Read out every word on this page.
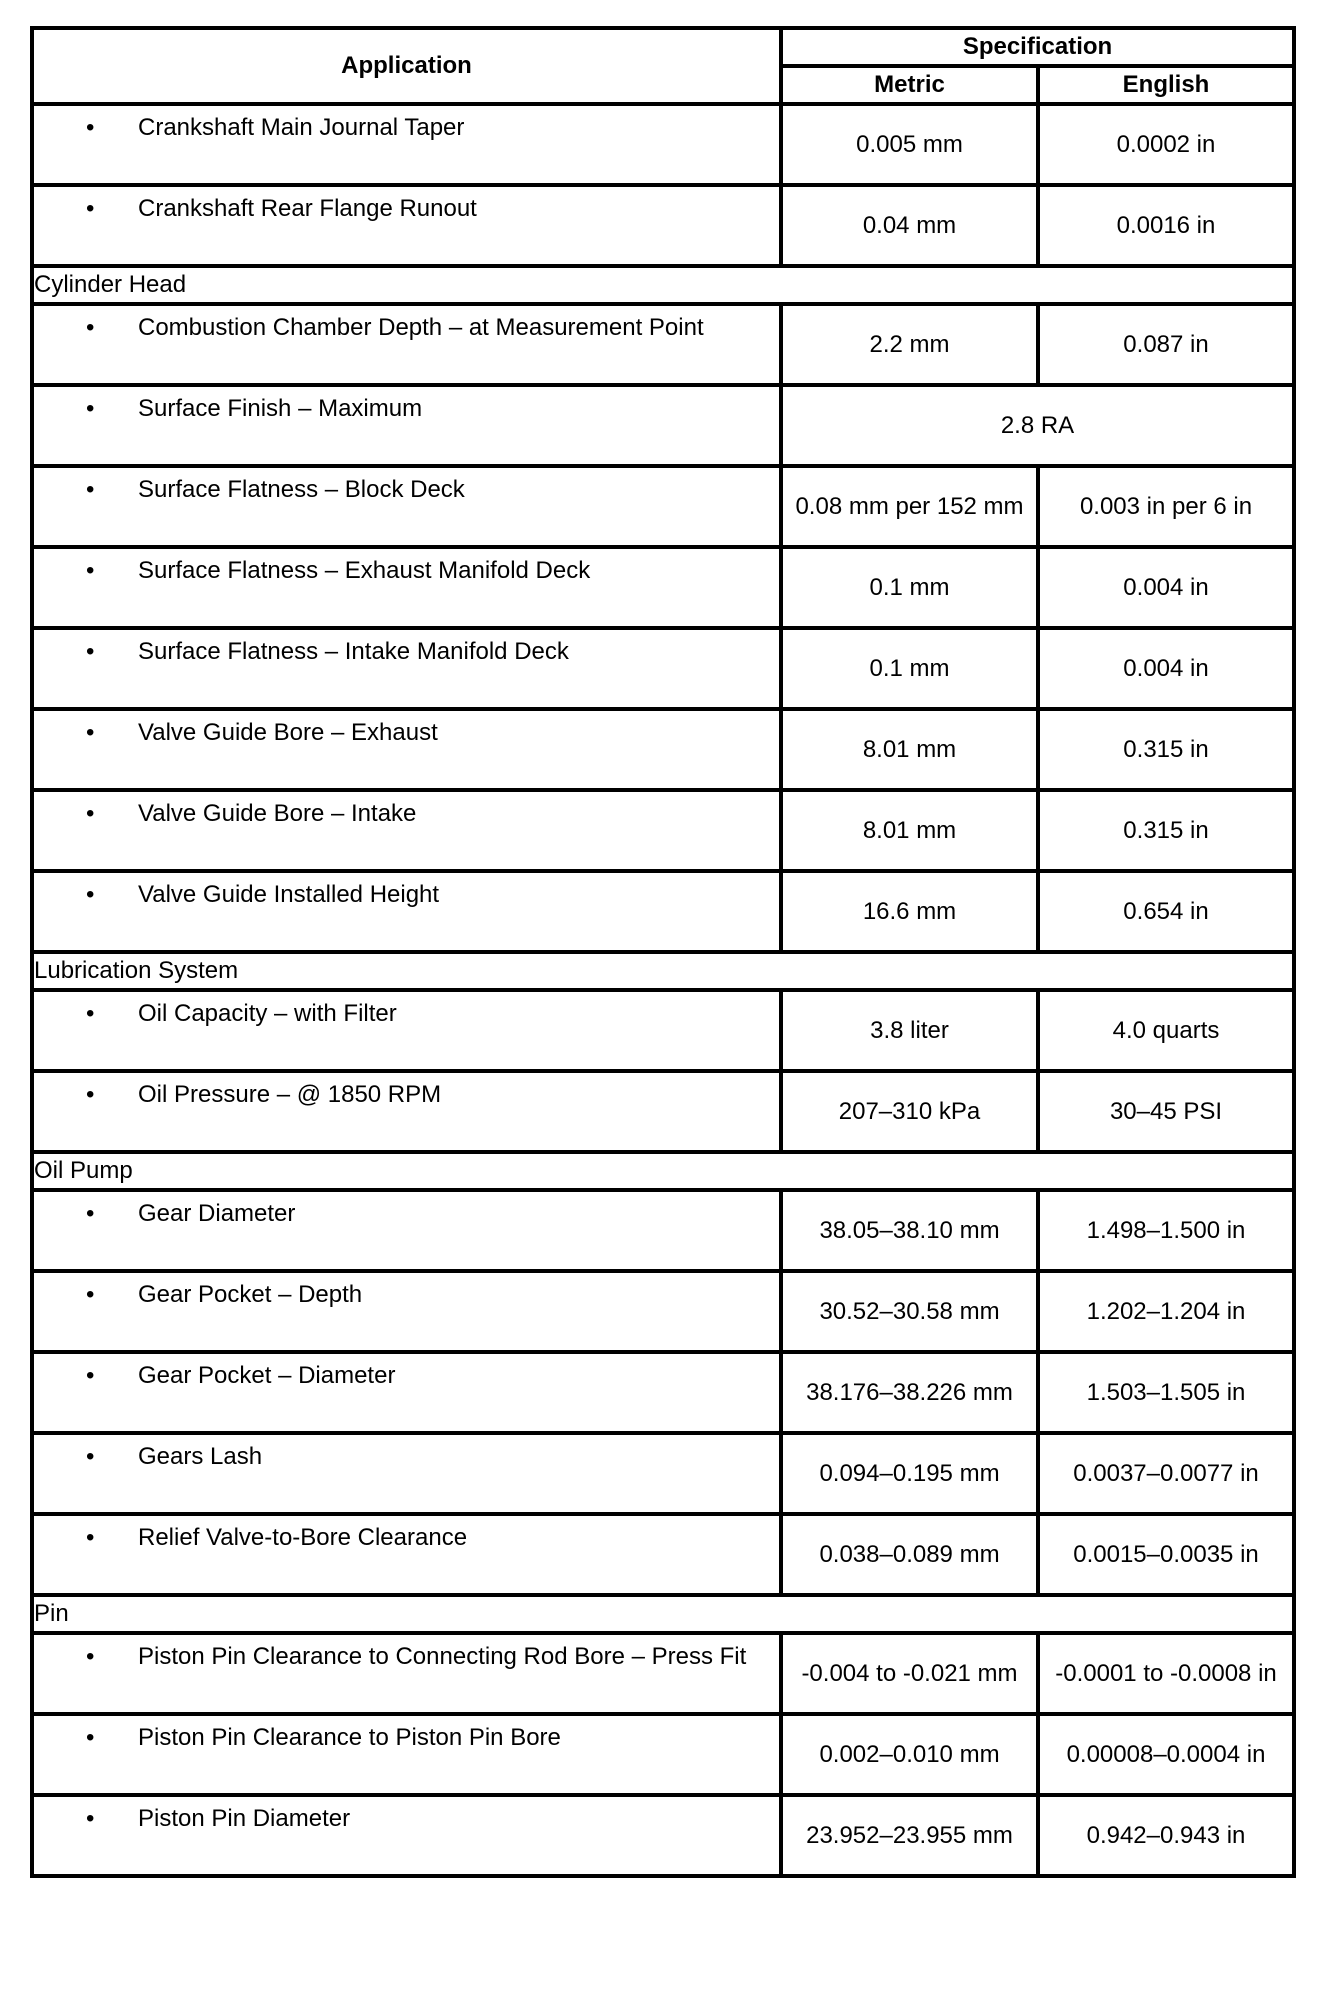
Application	Specification	
	Metric	English

• Crankshaft Main Journal Taper	0.005 mm	0.0002 in

• Crankshaft Rear Flange Runout	0.04 mm	0.0016 in
Cylinder Head		

• Combustion Chamber Depth – at Measurement Point	2.2 mm	0.087 in

• Surface Finish – Maximum	2.8 RA	

• Surface Flatness – Block Deck	0.08 mm per 152 mm	0.003 in per 6 in

• Surface Flatness – Exhaust Manifold Deck	0.1 mm	0.004 in

• Surface Flatness – Intake Manifold Deck	0.1 mm	0.004 in

• Valve Guide Bore – Exhaust	8.01 mm	0.315 in

• Valve Guide Bore – Intake	8.01 mm	0.315 in

• Valve Guide Installed Height	16.6 mm	0.654 in
Lubrication System		

• Oil Capacity – with Filter	3.8 liter	4.0 quarts

• Oil Pressure – @ 1850 RPM	207–310 kPa	30–45 PSI
Oil Pump		

• Gear Diameter	38.05–38.10 mm	1.498–1.500 in

• Gear Pocket – Depth	30.52–30.58 mm	1.202–1.204 in

• Gear Pocket – Diameter	38.176–38.226 mm	1.503–1.505 in

• Gears Lash	0.094–0.195 mm	0.0037–0.0077 in

• Relief Valve-to-Bore Clearance	0.038–0.089 mm	0.0015–0.0035 in
Pin		

• Piston Pin Clearance to Connecting Rod Bore – Press Fit	-0.004 to -0.021 mm	-0.0001 to -0.0008 in

• Piston Pin Clearance to Piston Pin Bore	0.002–0.010 mm	0.00008–0.0004 in

• Piston Pin Diameter	23.952–23.955 mm	0.942–0.943 in
